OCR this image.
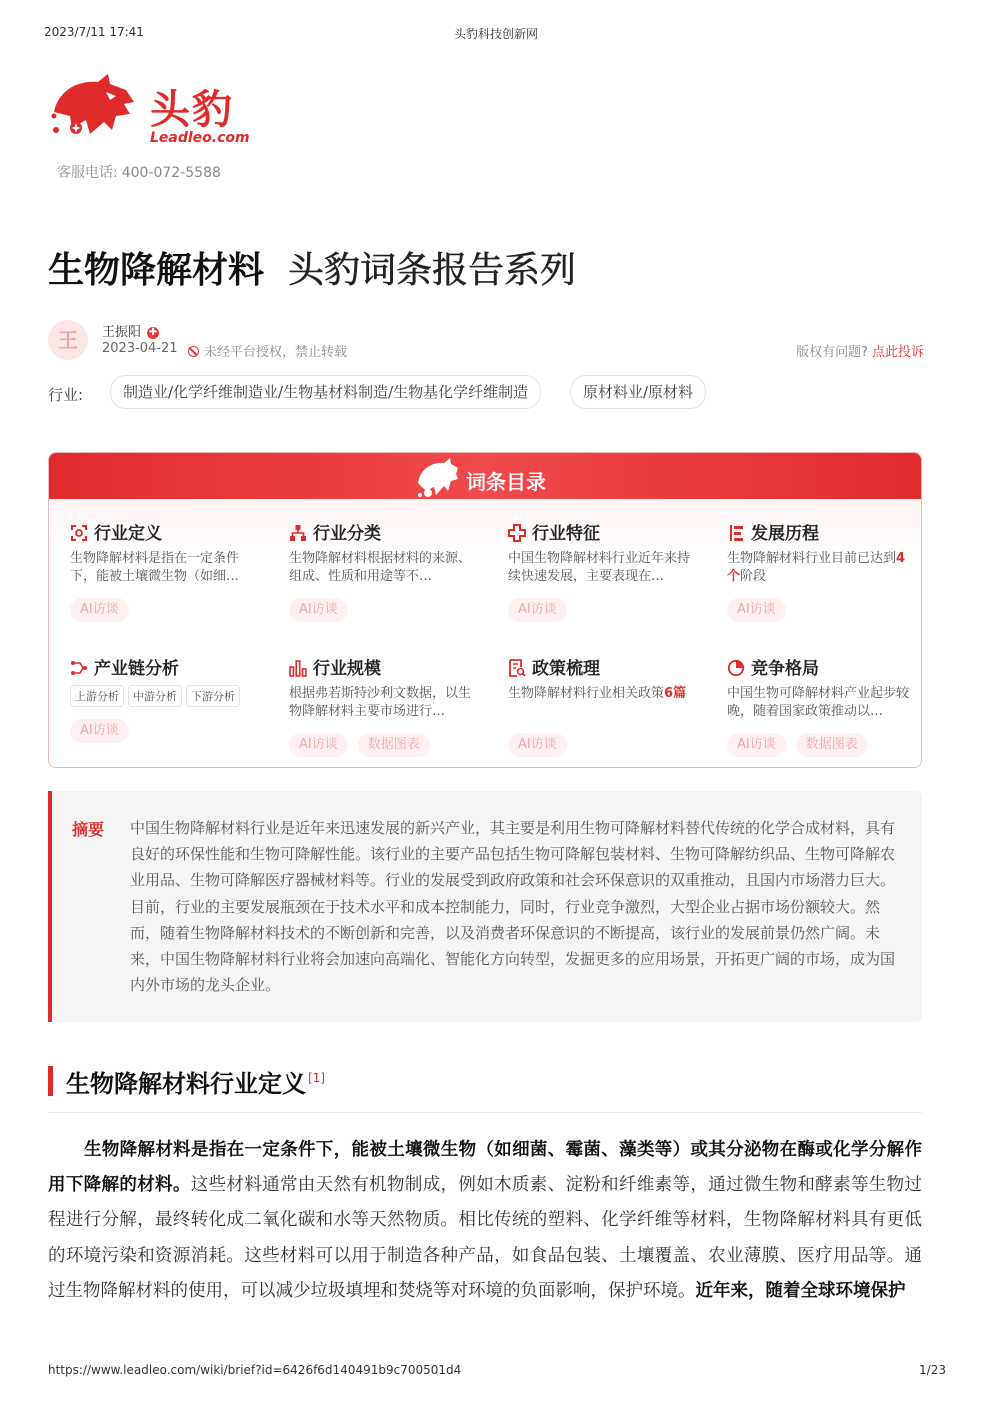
2023/7/11 17:41	头豹科技创新网
头豹
Leadleo.com
客服电话: 400-072-5588
生物降解材料 头豹词条报告系列
王	王振阳 ✚
2023-04-21	未经平台授权，禁止转载	版权有问题? 点此投诉
行业:	制造业/化学纤维制造业/生物基材料制造/生物基化学纤维制造	原材料业/原材料
词条目录
行业定义
生物降解材料是指在一定条件下，能被土壤微生物（如细…
AI访谈
行业分类
生物降解材料根据材料的来源、组成、性质和用途等不…
AI访谈
行业特征
中国生物降解材料行业近年来持续快速发展，主要表现在…
AI访谈
发展历程
生物降解材料行业目前已达到4个阶段
AI访谈
产业链分析
上游分析 中游分析 下游分析
AI访谈
行业规模
根据弗若斯特沙利文数据，以生物降解材料主要市场进行…
AI访谈 数据图表
政策梳理
生物降解材料行业相关政策6篇
AI访谈
竞争格局
中国生物可降解材料产业起步较晚，随着国家政策推动以…
AI访谈 数据图表
摘要 中国生物降解材料行业是近年来迅速发展的新兴产业，其主要是利用生物可降解材料替代传统的化学合成材料，具有良好的环保性能和生物可降解性能。该行业的主要产品包括生物可降解包装材料、生物可降解纺织品、生物可降解农业用品、生物可降解医疗器械材料等。行业的发展受到政府政策和社会环保意识的双重推动，且国内市场潜力巨大。目前，行业的主要发展瓶颈在于技术水平和成本控制能力，同时，行业竞争激烈，大型企业占据市场份额较大。然而，随着生物降解材料技术的不断创新和完善，以及消费者环保意识的不断提高，该行业的发展前景仍然广阔。未来，中国生物降解材料行业将会加速向高端化、智能化方向转型，发掘更多的应用场景，开拓更广阔的市场，成为国内外市场的龙头企业。
生物降解材料行业定义 [1]
生物降解材料是指在一定条件下，能被土壤微生物（如细菌、霉菌、藻类等）或其分泌物在酶或化学分解作用下降解的材料。这些材料通常由天然有机物制成，例如木质素、淀粉和纤维素等，通过微生物和酵素等生物过程进行分解，最终转化成二氧化碳和水等天然物质。相比传统的塑料、化学纤维等材料，生物降解材料具有更低的环境污染和资源消耗。这些材料可以用于制造各种产品，如食品包装、土壤覆盖、农业薄膜、医疗用品等。通过生物降解材料的使用，可以减少垃圾填埋和焚烧等对环境的负面影响，保护环境。近年来，随着全球环境保护
https://www.leadleo.com/wiki/brief?id=6426f6d140491b9c700501d4	1/23
